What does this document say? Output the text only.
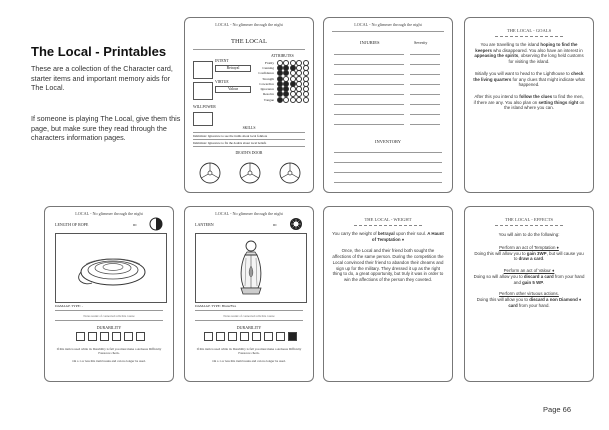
The Local - Printables
These are a collection of the Character card, starter items and important memory aids for The Local.
If someone is playing The Local, give them this page, but make sure they read through the characters information pages.
LOCAL - No glimmer through the night
THE LOCAL
ATTRIBUTES
INTENT
Betrayal
VIRTUE
Valour
Frailty
Cunning
Confidence
Strength
Cowardice
Ignorance
Resolve
Tongue
WILLPOWER
SKILLS
Intimidate: Ignorance to see the truths about local folklore
Intimidate: Ignorance to fix the doubts about local beliefs
DEATH'S DOOR
LOCAL - No glimmer through the night
INJURIES	Severity
INVENTORY
THE LOCAL - GOALS
You are travelling to the island hoping to find the keepers who disappeared. You also have an interest in appeasing the spirits, observing the long held customs for visiting the island.
Initially you will want to head to the Lighthouse to check the living quarters for any clues that might indicate what happened.
After this you intend to follow the clues to find the men, if there are any. You also plan on setting things right on the island where you can.
LOCAL - No glimmer through the night
LENGTH OF ROPE	III
DAMAGE TYPE: -
Notes reader of connected rolls this course
DURABILITY
If this item is used while its Durability is full you must make a Arduous Difficulty Fatescore check.
On a 1 or less this item breaks and can no longer be used.
LOCAL - No glimmer through the night
LANTERN	III
DAMAGE TYPE: Blunt/Fire
Notes reader of connected rolls this course
DURABILITY
If this item is used while its Durability is full you must make a Arduous Difficulty Fatescore check.
On a 1 or less this item breaks and can no longer be used.
THE LOCAL - WEIGHT
You carry the weight of betrayal upon their soul. A Haunt of Temptation ♦
Once, the Local and their friend both sought the affections of the same person. During the competition the Local convinced their friend to abandon their dreams and sign up for the military. They dressed it up as the right thing to do, a great opportunity, but truly it was in order to win the affections of the person they coveted.
THE LOCAL - EFFECTS
You will aim to do the following:
Perform an act of Temptation ♦
Doing this will allow you to gain 3WP, but will cause you to draw a card.
Perform an act of Valour ♦
Doing so will allow you to discard a card from your hand and gain 5 WP.
Perform other virtuous actions.
Doing this will allow you to discard a non Diamond ♦ card from your hand.
Page 66
